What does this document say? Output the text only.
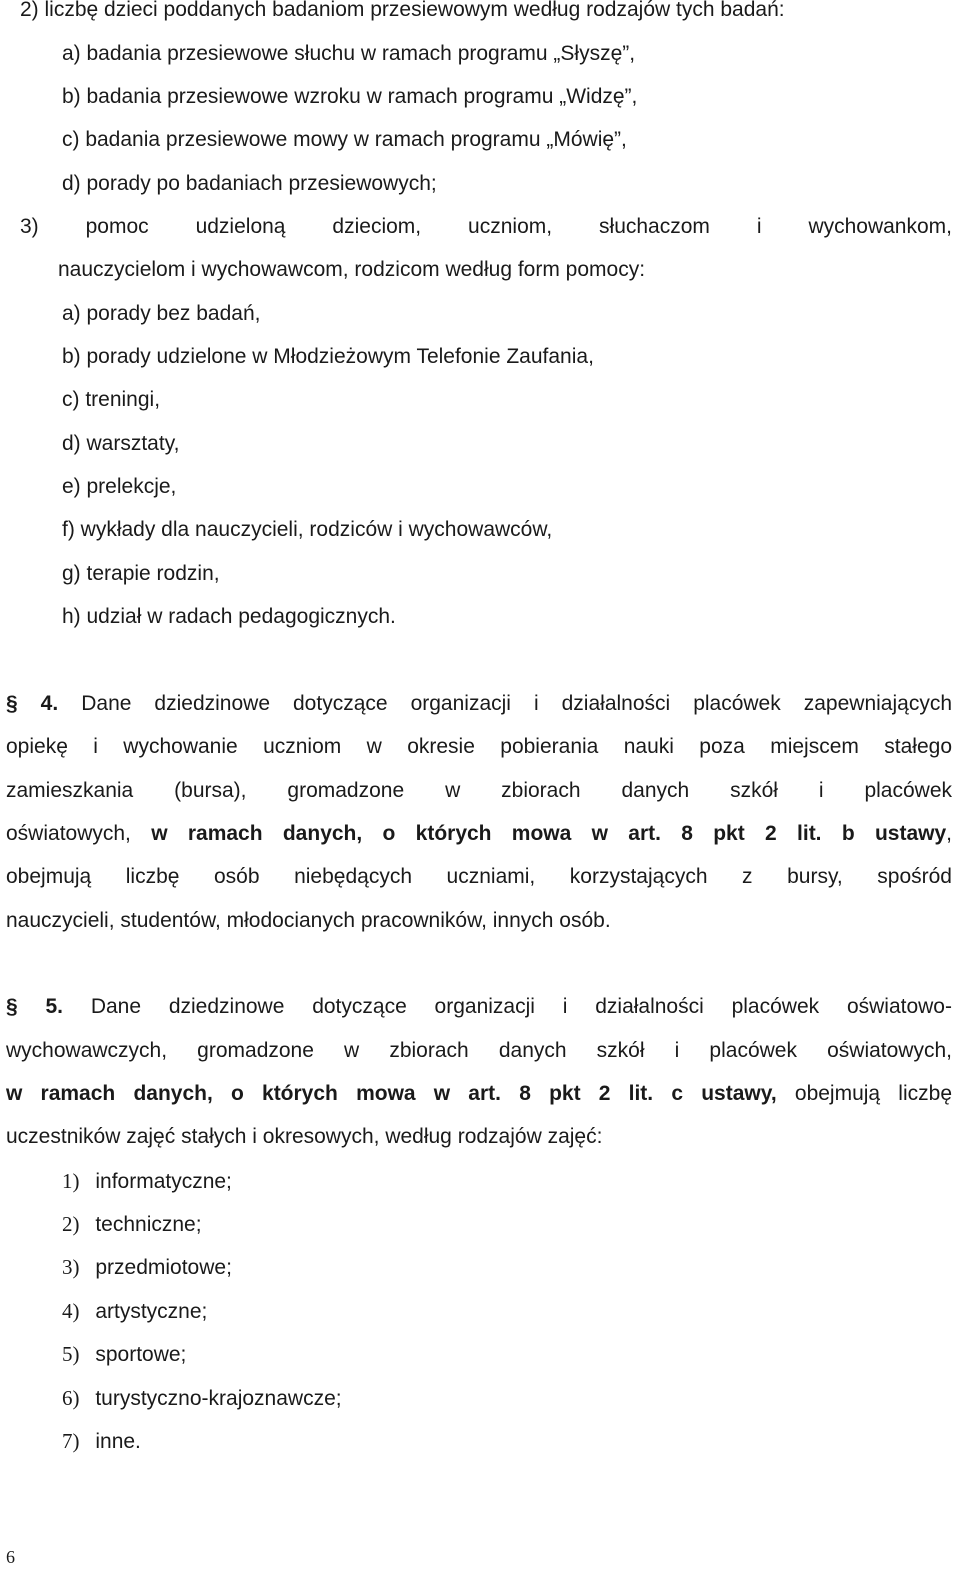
2) liczbę dzieci poddanych badaniom przesiewowym według rodzajów tych badań:
a) badania przesiewowe słuchu w ramach programu „Słyszę”,
b) badania przesiewowe wzroku w ramach programu „Widzę”,
c) badania przesiewowe mowy w ramach programu „Mówię”,
d) porady po badaniach przesiewowych;
3) pomoc udzieloną dzieciom, uczniom, słuchaczom i wychowankom,
nauczycielom i wychowawcom, rodzicom według form pomocy:
a) porady bez badań,
b) porady udzielone w Młodzieżowym Telefonie Zaufania,
c) treningi,
d) warsztaty,
e) prelekcje,
f) wykłady dla nauczycieli, rodziców i wychowawców,
g) terapie rodzin,
h) udział w radach pedagogicznych.
§ 4. Dane dziedzinowe dotyczące organizacji i działalności placówek zapewniających
opiekę i wychowanie uczniom w okresie pobierania nauki poza miejscem stałego
zamieszkania (bursa), gromadzone w zbiorach danych szkół i placówek
oświatowych, w ramach danych, o których mowa w art. 8 pkt 2 lit. b ustawy,
obejmują liczbę osób niebędących uczniami, korzystających z bursy, spośród
nauczycieli, studentów, młodocianych pracowników, innych osób.
§ 5. Dane dziedzinowe dotyczące organizacji i działalności placówek oświatowo-
wychowawczych, gromadzone w zbiorach danych szkół i placówek oświatowych,
w ramach danych, o których mowa w art. 8 pkt 2 lit. c ustawy, obejmują liczbę
uczestników zajęć stałych i okresowych, według rodzajów zajęć:
1) informatyczne;
2) techniczne;
3) przedmiotowe;
4) artystyczne;
5) sportowe;
6) turystyczno-krajoznawcze;
7) inne.
6
